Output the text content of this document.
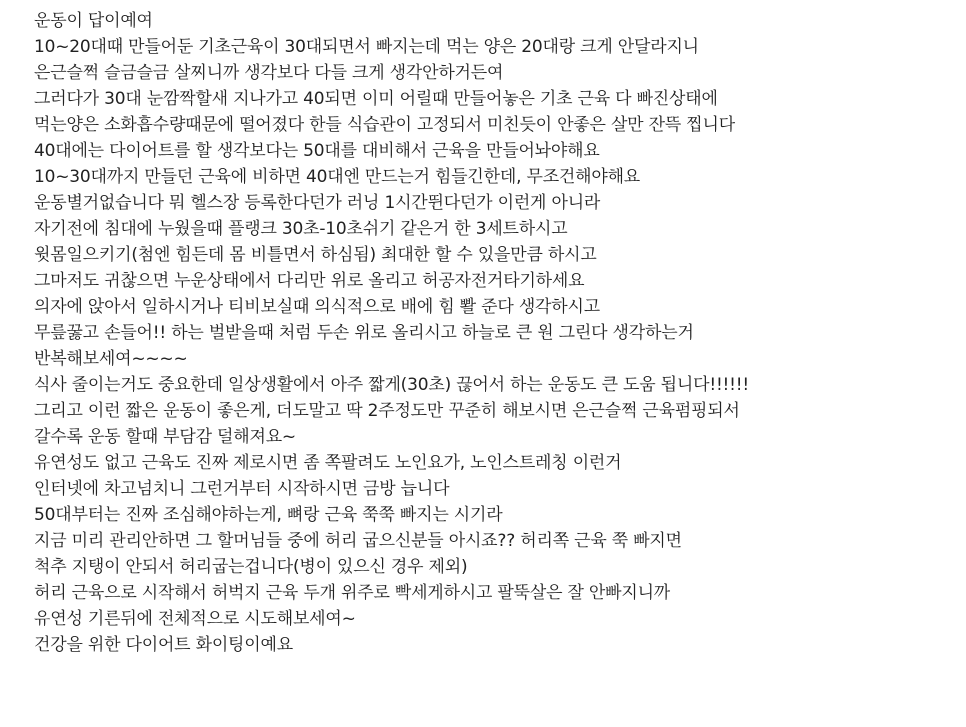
운동이 답이예여
10~20대때 만들어둔 기초근육이 30대되면서 빠지는데 먹는 양은 20대랑 크게 안달라지니
은근슬쩍 슬금슬금 살찌니까 생각보다 다들 크게 생각안하거든여
그러다가 30대 눈깜짝할새 지나가고 40되면 이미 어릴때 만들어놓은 기초 근육 다 빠진상태에
먹는양은 소화흡수량때문에 떨어졌다 한들 식습관이 고정되서 미친듯이 안좋은 살만 잔뜩 찝니다
40대에는 다이어트를 할 생각보다는 50대를 대비해서 근육을 만들어놔야해요
10~30대까지 만들던 근육에 비하면 40대엔 만드는거 힘들긴한데, 무조건해야해요
운동별거없습니다 뭐 헬스장 등록한다던가 러닝 1시간뛴다던가 이런게 아니라
자기전에 침대에 누웠을때 플랭크 30초-10초쉬기 같은거 한 3세트하시고
윗몸일으키기(첨엔 힘든데 몸 비틀면서 하심됨) 최대한 할 수 있을만큼 하시고
그마저도 귀찮으면 누운상태에서 다리만 위로 올리고 허공자전거타기하세요
의자에 앉아서 일하시거나 티비보실때 의식적으로 배에 힘 뽤 준다 생각하시고
무릎꿇고 손들어!! 하는 벌받을때 처럼 두손 위로 올리시고 하늘로 큰 원 그린다 생각하는거
반복해보세여~~~~
식사 줄이는거도 중요한데 일상생활에서 아주 짧게(30초) 끊어서 하는 운동도 큰 도움 됩니다!!!!!!
그리고 이런 짧은 운동이 좋은게, 더도말고 딱 2주정도만 꾸준히 해보시면 은근슬쩍 근육펌핑되서
갈수록 운동 할때 부담감 덜해져요~
유연성도 없고 근육도 진짜 제로시면 좀 쪽팔려도 노인요가, 노인스트레칭 이런거
인터넷에 차고넘치니 그런거부터 시작하시면 금방 늡니다
50대부터는 진짜 조심해야하는게, 뼈랑 근육 쭉쭉 빠지는 시기라
지금 미리 관리안하면 그 할머님들 중에 허리 굽으신분들 아시죠?? 허리쪽 근육 쭉 빠지면
척추 지탱이 안되서 허리굽는겁니다(병이 있으신 경우 제외)
허리 근육으로 시작해서 허벅지 근육 두개 위주로 빡세게하시고 팔뚝살은 잘 안빠지니까
유연성 기른뒤에 전체적으로 시도해보세여~
건강을 위한 다이어트 화이팅이예요
